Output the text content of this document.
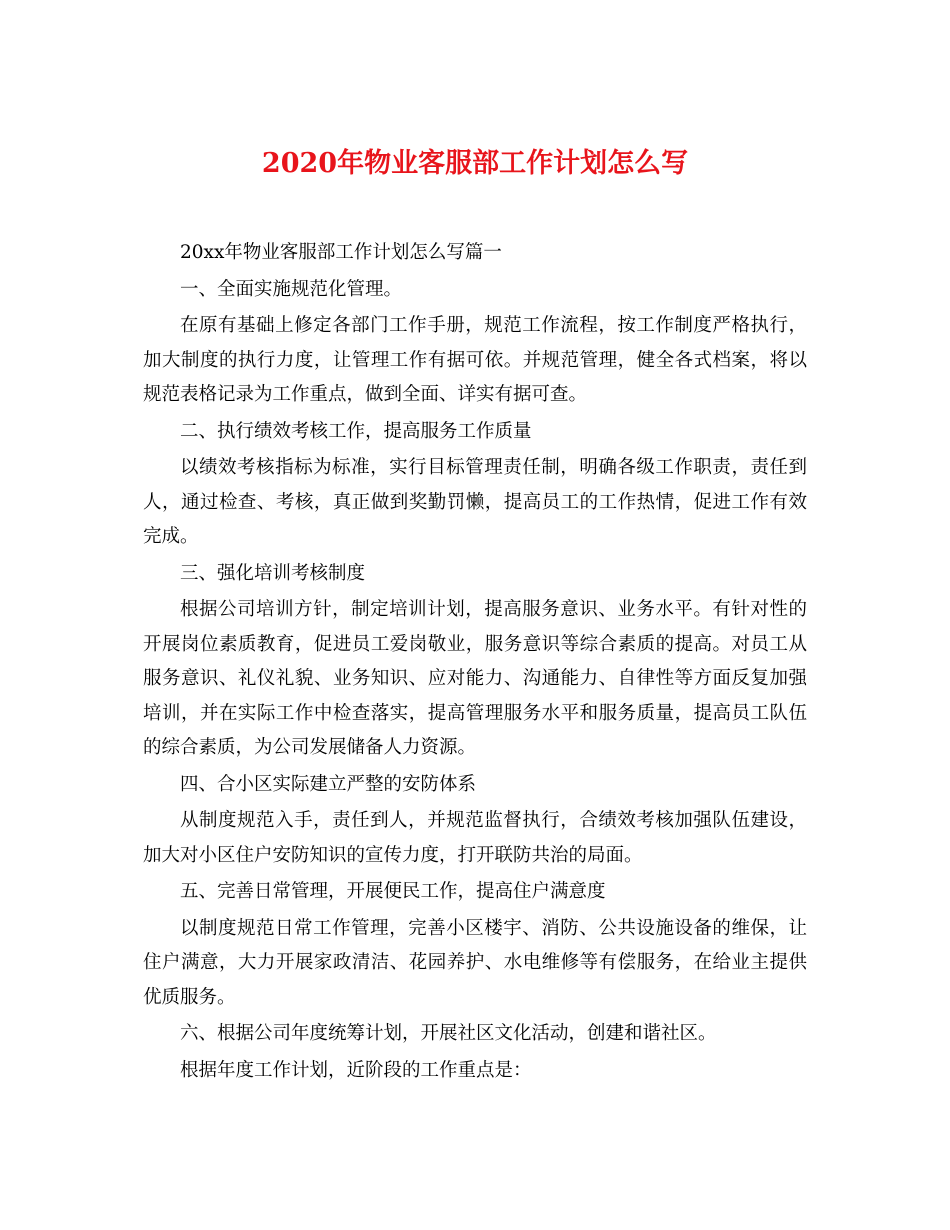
2020年物业客服部工作计划怎么写

20xx年物业客服部工作计划怎么写篇一

一、全面实施规范化管理。

在原有基础上修定各部门工作手册，规范工作流程，按工作制度严格执行，加大制度的执行力度，让管理工作有据可依。并规范管理，健全各式档案，将以规范表格记录为工作重点，做到全面、详实有据可查。

二、执行绩效考核工作，提高服务工作质量

以绩效考核指标为标准，实行目标管理责任制，明确各级工作职责，责任到人，通过检查、考核，真正做到奖勤罚懒，提高员工的工作热情，促进工作有效完成。

三、强化培训考核制度

根据公司培训方针，制定培训计划，提高服务意识、业务水平。有针对性的开展岗位素质教育，促进员工爱岗敬业，服务意识等综合素质的提高。对员工从服务意识、礼仪礼貌、业务知识、应对能力、沟通能力、自律性等方面反复加强培训，并在实际工作中检查落实，提高管理服务水平和服务质量，提高员工队伍的综合素质，为公司发展储备人力资源。

四、合小区实际建立严整的安防体系

从制度规范入手，责任到人，并规范监督执行，合绩效考核加强队伍建设，加大对小区住户安防知识的宣传力度，打开联防共治的局面。

五、完善日常管理，开展便民工作，提高住户满意度

以制度规范日常工作管理，完善小区楼宇、消防、公共设施设备的维保，让住户满意，大力开展家政清洁、花园养护、水电维修等有偿服务，在给业主提供优质服务。

六、根据公司年度统筹计划，开展社区文化活动，创建和谐社区。

根据年度工作计划，近阶段的工作重点是：
